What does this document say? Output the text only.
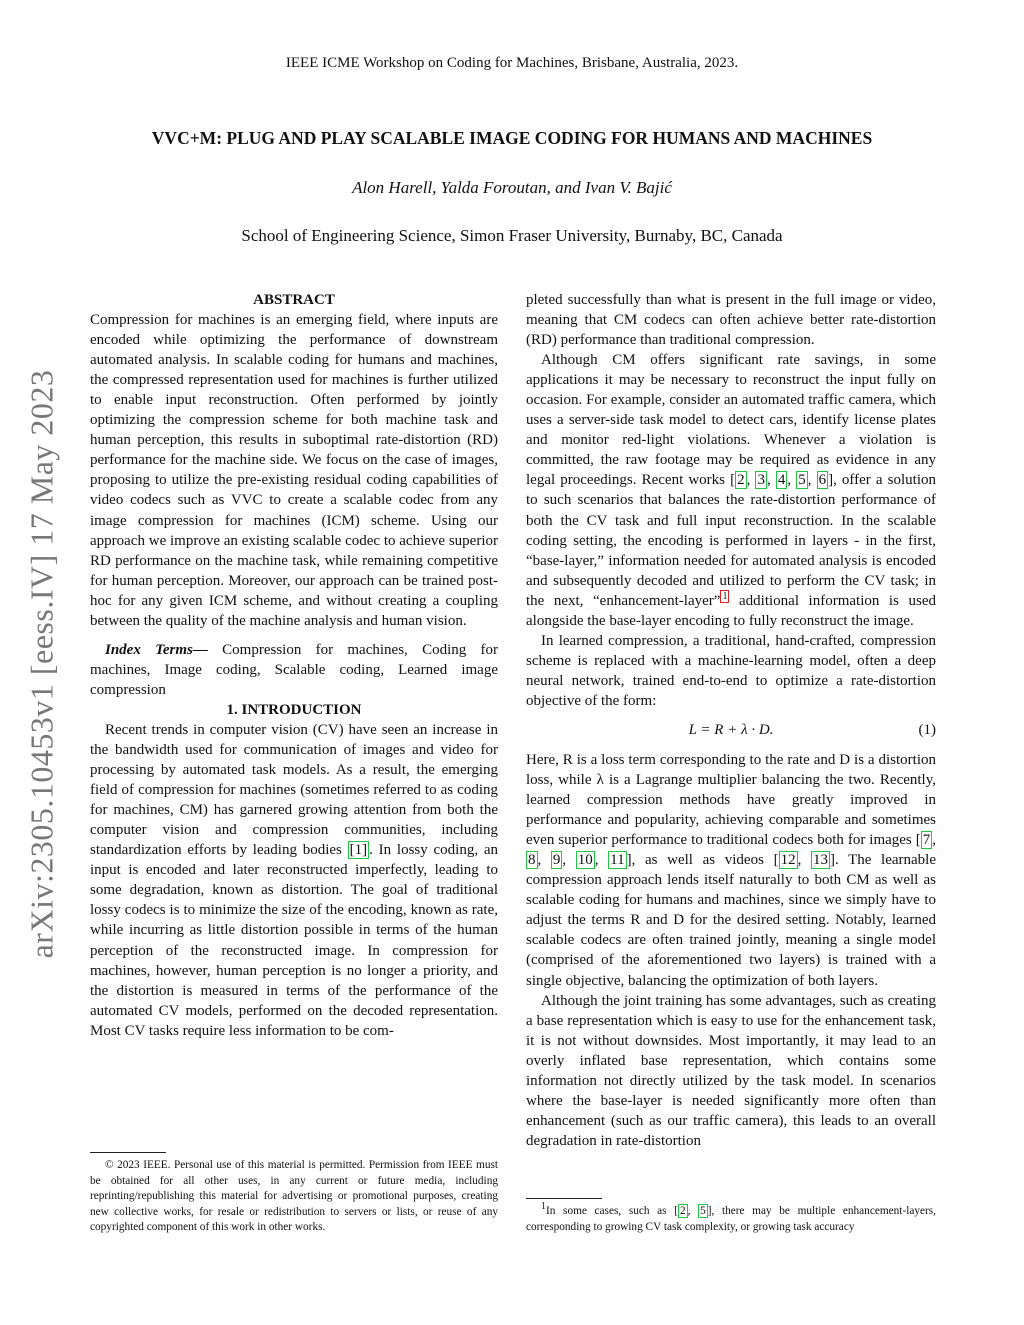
IEEE ICME Workshop on Coding for Machines, Brisbane, Australia, 2023.
VVC+M: PLUG AND PLAY SCALABLE IMAGE CODING FOR HUMANS AND MACHINES
Alon Harell, Yalda Foroutan, and Ivan V. Bajić
School of Engineering Science, Simon Fraser University, Burnaby, BC, Canada
arXiv:2305.10453v1 [eess.IV] 17 May 2023

ABSTRACT

Compression for machines is an emerging field, where inputs are encoded while optimizing the performance of downstream automated analysis. In scalable coding for humans and machines, the compressed representation used for machines is further utilized to enable input reconstruction. Often performed by jointly optimizing the compression scheme for both machine task and human perception, this results in suboptimal rate-distortion (RD) performance for the machine side. We focus on the case of images, proposing to utilize the pre-existing residual coding capabilities of video codecs such as VVC to create a scalable codec from any image compression for machines (ICM) scheme. Using our approach we improve an existing scalable codec to achieve superior RD performance on the machine task, while remaining competitive for human perception. Moreover, our approach can be trained post-hoc for any given ICM scheme, and without creating a coupling between the quality of the machine analysis and human vision.

Index Terms— Compression for machines, Coding for machines, Image coding, Scalable coding, Learned image compression

1. INTRODUCTION

Recent trends in computer vision (CV) have seen an increase in the bandwidth used for communication of images and video for processing by automated task models. As a result, the emerging field of compression for machines (sometimes referred to as coding for machines, CM) has garnered growing attention from both the computer vision and compression communities, including standardization efforts by leading bodies [1] . In lossy coding, an input is encoded and later reconstructed imperfectly, leading to some degradation, known as distortion. The goal of traditional lossy codecs is to minimize the size of the encoding, known as rate, while incurring as little distortion possible in terms of the human perception of the reconstructed image. In compression for machines, however, human perception is no longer a priority, and the distortion is measured in terms of the performance of the automated CV models, performed on the decoded representation. Most CV tasks require less information to be com-

© 2023 IEEE. Personal use of this material is permitted. Permission from IEEE must be obtained for all other uses, in any current or future media, including reprinting/republishing this material for advertising or promotional purposes, creating new collective works, for resale or redistribution to servers or lists, or reuse of any copyrighted component of this work in other works.

pleted successfully than what is present in the full image or video, meaning that CM codecs can often achieve better rate-distortion (RD) performance than traditional compression.

Although CM offers significant rate savings, in some applications it may be necessary to reconstruct the input fully on occasion. For example, consider an automated traffic camera, which uses a server-side task model to detect cars, identify license plates and monitor red-light violations. Whenever a violation is committed, the raw footage may be required as evidence in any legal proceedings. Recent works [ 2 , 3 , 4 , 5 , 6 ], offer a solution to such scenarios that balances the rate-distortion performance of both the CV task and full input reconstruction. In the scalable coding setting, the encoding is performed in layers - in the first, “base-layer,” information needed for automated analysis is encoded and subsequently decoded and utilized to perform the CV task; in the next, “enhancement-layer” $^1$ additional information is used alongside the base-layer encoding to fully reconstruct the image.

In learned compression, a traditional, hand-crafted, compression scheme is replaced with a machine-learning model, often a deep neural network, trained end-to-end to optimize a rate-distortion objective of the form:

L = R + λ · D.	(1)

Here, R is a loss term corresponding to the rate and D is a distortion loss, while λ is a Lagrange multiplier balancing the two. Recently, learned compression methods have greatly improved in performance and popularity, achieving comparable and sometimes even superior performance to traditional codecs both for images [ 7 , 8 , 9 , 10 , 11 ], as well as videos [ 12 , 13 ]. The learnable compression approach lends itself naturally to both CM as well as scalable coding for humans and machines, since we simply have to adjust the terms R and D for the desired setting. Notably, learned scalable codecs are often trained jointly, meaning a single model (comprised of the aforementioned two layers) is trained with a single objective, balancing the optimization of both layers.

Although the joint training has some advantages, such as creating a base representation which is easy to use for the enhancement task, it is not without downsides. Most importantly, it may lead to an overly inflated base representation, which contains some information not directly utilized by the task model. In scenarios where the base-layer is needed significantly more often than enhancement (such as our traffic camera), this leads to an overall degradation in rate-distortion

1In some cases, such as [ 2 , 5 ], there may be multiple enhancement-layers, corresponding to growing CV task complexity, or growing task accuracy
